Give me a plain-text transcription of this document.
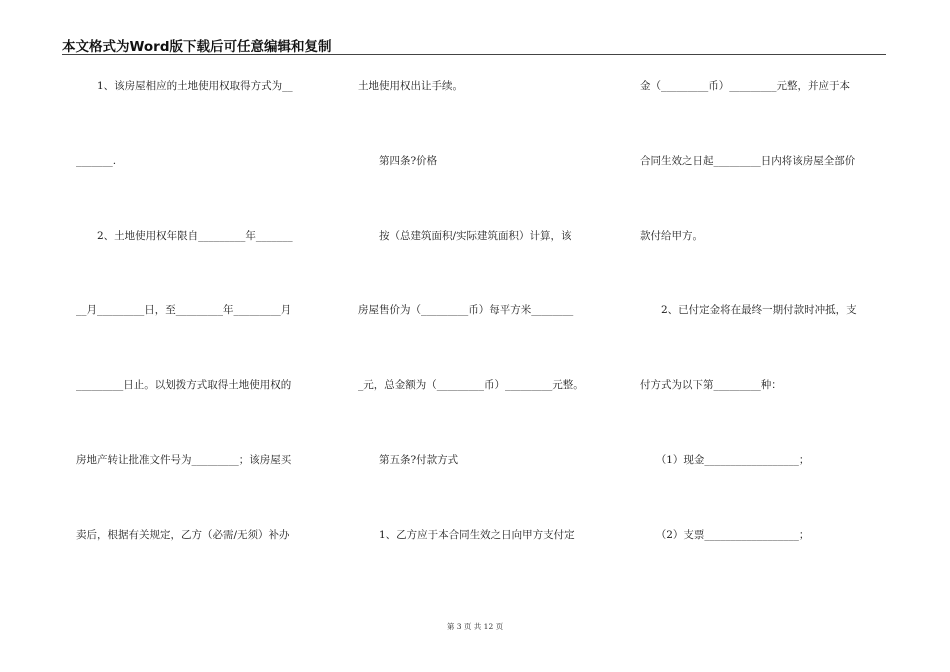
本文格式为Word版下载后可任意编辑和复制
　　1、该房屋相应的土地使用权取得方式为__
_______.
　　2、土地使用权年限自_________年_______
__月_________日，至_________年_________月
_________日止。以划拨方式取得土地使用权的
房地产转让批准文件号为_________；该房屋买
卖后，根据有关规定，乙方（必需/无须）补办
土地使用权出让手续。
　　第四条?价格
　　按（总建筑面积/实际建筑面积）计算，该
房屋售价为（_________币）每平方米________
_元，总金额为（_________币）_________元整。
　　第五条?付款方式
　　1、乙方应于本合同生效之日向甲方支付定
金（_________币）_________元整，并应于本
合同生效之日起_________日内将该房屋全部价
款付给甲方。
　　2、已付定金将在最终一期付款时冲抵，支
付方式为以下第_________种：
　　（1）现金__________________；
　　（2）支票__________________；
第 3 页 共 12 页
